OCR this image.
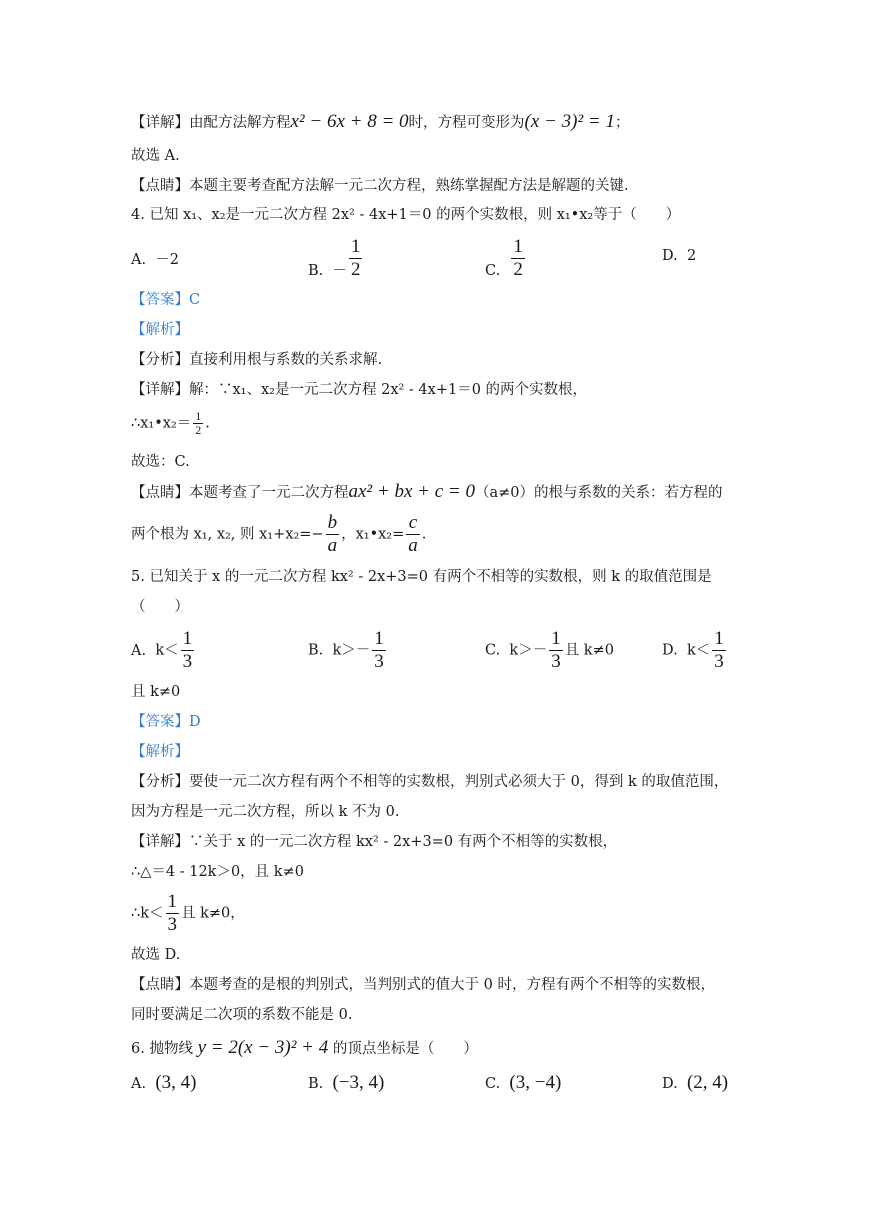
【详解】由配方法解方程x² − 6x + 8 = 0时，方程可变形为(x − 3)² = 1；
故选 A.
【点睛】本题主要考查配方法解一元二次方程，熟练掌握配方法是解题的关键.
4. 已知 x₁、x₂是一元二次方程 2x² - 4x+1＝0 的两个实数根，则 x₁•x₂等于（　　）
A. －2
B. － $\frac{1}{2}$	C. $\frac{1}{2}$	D. 2
【答案】C
【解析】
【分析】直接利用根与系数的关系求解.
【详解】解：∵x₁、x₂是一元二次方程 2x² - 4x+1＝0 的两个实数根，
∴x₁•x₂＝ $\frac{1}{2}$ .
故选：C.
【点睛】本题考查了一元二次方程ax² + bx + c = 0（a≠0）的根与系数的关系：若方程的
两个根为 x₁, x₂, 则 $x_1+x_2=- \frac{b}{a}$ ，x₁•x₂= $\frac{c}{a}$ .
5. 已知关于 x 的一元二次方程 kx² - 2x+3=0 有两个不相等的实数根，则 k 的取值范围是
（　　）
A. $k< \frac{1}{3}$	B. $k>- \frac{1}{3}$	C. $k>- \frac{1}{3}$ 且 k≠0	D. $k< \frac{1}{3}$
且 k≠0
【答案】D
【解析】
【分析】要使一元二次方程有两个不相等的实数根，判别式必须大于 0，得到 k 的取值范围，
因为方程是一元二次方程，所以 k 不为 0.
【详解】∵关于 x 的一元二次方程 kx² - 2x+3=0 有两个不相等的实数根，
∴△＝4 - 12k＞0，且 k≠0
∴k＜ $\frac{1}{3}$ 且 k≠0，
故选 D.
【点睛】本题考查的是根的判别式，当判别式的值大于 0 时，方程有两个不相等的实数根，
同时要满足二次项的系数不能是 0.
6. 抛物线 y = 2(x − 3)² + 4 的顶点坐标是（　　）
A. (3, 4)	B. (−3, 4)	C. (3, −4)	D. (2, 4)
